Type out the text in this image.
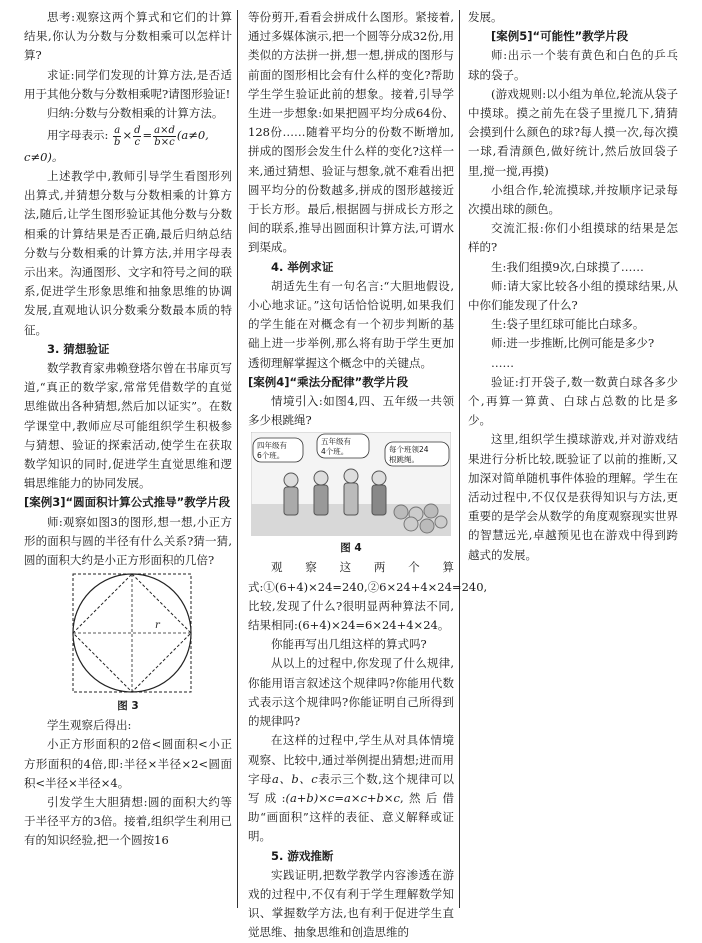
思考:观察这两个算式和它们的计算结果,你认为分数与分数相乘可以怎样计算?

求证:同学们发现的计算方法,是否适用于其他分数与分数相乘呢?请图形验证!

归纳:分数与分数相乘的计算方法。

用字母表示: $\frac{a}{b} \times \frac{d}{c} = \frac{a\times d}{b\times c} (a\ne 0$,

c≠0)。

上述教学中,教师引导学生看图形列出算式,并猜想分数与分数相乘的计算方法,随后,让学生图形验证其他分数与分数相乘的计算结果是否正确,最后归纳总结分数与分数相乘的计算方法,并用字母表示出来。沟通图形、文字和符号之间的联系,促进学生形象思维和抽象思维的协调发展,直观地认识分数乘分数最本质的特征。

3. 猜想验证

数学教育家弗赖登塔尔曾在书扉页写道,“真正的数学家,常常凭借数学的直觉思维做出各种猜想,然后加以证实”。在数学课堂中,教师应尽可能组织学生积极参与猜想、验证的探索活动,使学生在获取数学知识的同时,促进学生直觉思维和逻辑思维能力的协同发展。

[案例3]“圆面积计算公式推导”教学片段

师:观察如图3的图形,想一想,小正方形的面积与圆的半径有什么关系?猜一猜,圆的面积大约是小正方形面积的几倍?

r
图 3

学生观察后得出:

小正方形面积的2倍<圆面积<小正方形面积的4倍,即:半径×半径×2<圆面积<半径×半径×4。

引发学生大胆猜想:圆的面积大约等于半径平方的3倍。接着,组织学生利用已有的知识经验,把一个圆按16

等份剪开,看看会拼成什么图形。紧接着,通过多媒体演示,把一个圆等分成32份,用类似的方法拼一拼,想一想,拼成的图形与前面的图形相比会有什么样的变化?帮助学生学生验证此前的想象。接着,引导学生进一步想象:如果把圆平均分成64份、128份……随着平均分的份数不断增加,拼成的图形会发生什么样的变化?这样一来,通过猜想、验证与想象,就不难看出把圆平均分的份数越多,拼成的图形越接近于长方形。最后,根据圆与拼成长方形之间的联系,推导出圆面积计算方法,可谓水到渠成。

4. 举例求证

胡适先生有一句名言:“大胆地假设,小心地求证。”这句话恰恰说明,如果我们的学生能在对概念有一个初步判断的基础上进一步举例,那么将有助于学生更加透彻理解掌握这个概念中的关键点。

[案例4]“乘法分配律”教学片段

情境引入:如图4,四、五年级一共领多少根跳绳?

四年级有 6个班。
五年级有 4个班。	每个班领24 根跳绳。
图 4

观察这两个算式:①(6+4)×24=240,②6×24+4×24=240,比较,发现了什么?很明显两种算法不同,结果相同:(6+4)×24=6×24+4×24。

你能再写出几组这样的算式吗?

从以上的过程中,你发现了什么规律,你能用语言叙述这个规律吗?你能用代数式表示这个规律吗?你能证明自己所得到的规律吗?

在这样的过程中,学生从对具体情境观察、比较中,通过举例提出猜想;进而用字母a、b、c表示三个数,这个规律可以写成:(a+b)×c=a×c+b×c,然后借助“画面积”这样的表征、意义解释或证明。

5. 游戏推断

实践证明,把数学教学内容渗透在游戏的过程中,不仅有利于学生理解数学知识、掌握数学方法,也有利于促进学生直觉思维、抽象思维和创造思维的

发展。

[案例5]“可能性”教学片段

师:出示一个装有黄色和白色的乒乓球的袋子。

(游戏规则:以小组为单位,轮流从袋子中摸球。摸之前先在袋子里搅几下,猜猜会摸到什么颜色的球?每人摸一次,每次摸一球,看清颜色,做好统计,然后放回袋子里,搅一搅,再摸)

小组合作,轮流摸球,并按顺序记录每次摸出球的颜色。

交流汇报:你们小组摸球的结果是怎样的?

生:我们组摸9次,白球摸了……

师:请大家比较各小组的摸球结果,从中你们能发现了什么?

生:袋子里红球可能比白球多。

师:进一步推断,比例可能是多少?

……

验证:打开袋子,数一数黄白球各多少个,再算一算黄、白球占总数的比是多少。

这里,组织学生摸球游戏,并对游戏结果进行分析比较,既验证了以前的推断,又加深对简单随机事件体验的理解。学生在活动过程中,不仅仅是获得知识与方法,更重要的是学会从数学的角度观察现实世界的智慧远光,卓越预见也在游戏中得到跨越式的发展。
